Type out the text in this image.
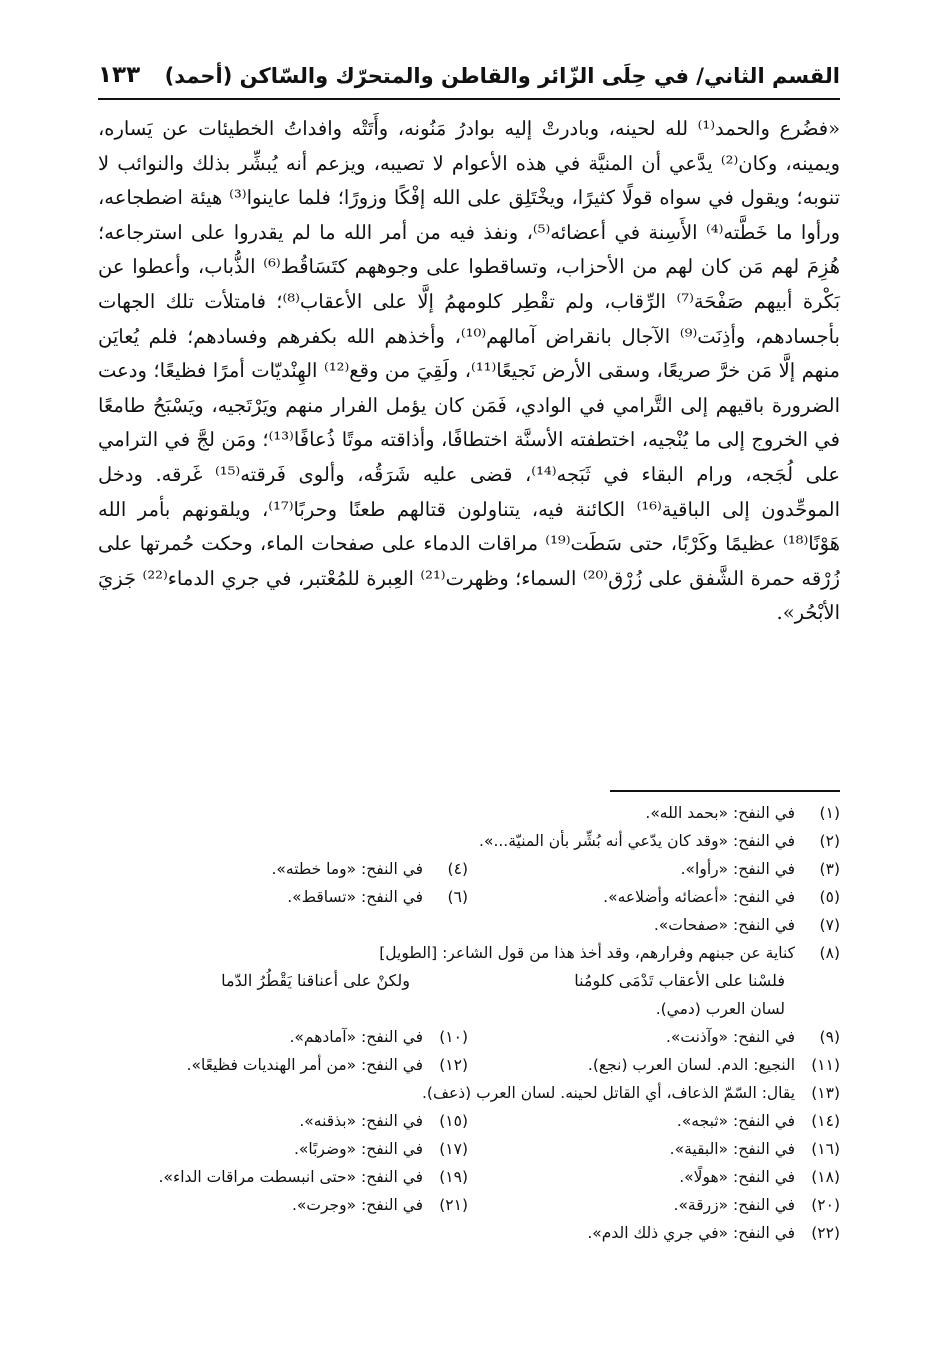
القسم الثاني/ في حِلَى الزّائر والقاطن والمتحرّك والسّاكن (أحمد)
١٣٣

«فضُرع والحمد⁽¹⁾ لله لحينه، وبادرتْ إليه بوادرُ مَنُونه، وأَتَتْه وافداتُ الخطيئات عن يَساره، ويمينه، وكان⁽²⁾ يدَّعي أن المنيَّة في هذه الأعوام لا تصيبه، ويزعم أنه يُبشِّر بذلك والنوائب لا تنوبه؛ ويقول في سواه قولًا كثيرًا، ويخْتَلِق على الله إفْكًا وزورًا؛ فلما عاينوا⁽³⁾ هيئة اضطجاعه، ورأوا ما خَطَّته⁽⁴⁾ الأَسِنة في أعضائه⁽⁵⁾، ونفذ فيه من أمر الله ما لم يقدروا على استرجاعه؛ هُزِمَ لهم مَن كان لهم من الأحزاب، وتساقطوا على وجوههم كتَسَاقُط⁽⁶⁾ الذُّباب، وأعطوا عن بَكْرة أبيهم صَفْحَة⁽⁷⁾ الرِّقاب، ولم تقْطِر كلومهمُ إلَّا على الأعقاب⁽⁸⁾؛ فامتلأت تلك الجهات بأجسادهم، وأذِنَت⁽⁹⁾ الآجال بانقراض آمالهم⁽¹⁰⁾، وأخذهم الله بكفرهم وفسادهم؛ فلم يُعايَن منهم إلَّا مَن خرَّ صريعًا، وسقى الأرض نَجيعًا⁽¹¹⁾، ولَقِيَ من وقع⁽¹²⁾ الهِنْديّات أمرًا فظيعًا؛ ودعت الضرورة باقيهم إلى التَّرامي في الوادي، فَمَن كان يؤمل الفرار منهم ويَرْتَجيه، ويَسْبَحُ طامعًا في الخروج إلى ما يُنْجيه، اختطفته الأسنَّة اختطافًا، وأذاقته موتًا ذُعافًا⁽¹³⁾؛ ومَن لجَّ في الترامي على لُجَجه، ورام البقاء في ثَبَجه⁽¹⁴⁾، قضى عليه شَرَقُه، وألوى فَرقته⁽¹⁵⁾ غَرقه. ودخل الموحِّدون إلى الباقية⁽¹⁶⁾ الكائنة فيه، يتناولون قتالهم طعنًا وحربًا⁽¹⁷⁾، ويلقونهم بأمر الله هَوْنًا⁽¹⁸⁾ عظيمًا وكَرْبًا، حتى سَطَت⁽¹⁹⁾ مراقات الدماء على صفحات الماء، وحكت حُمرتها على زُرْقه حمرة الشَّفق على زُرْق⁽²⁰⁾ السماء؛ وظهرت⁽²¹⁾ العِبرة للمُعْتبر، في جري الدماء⁽²²⁾ جَزيَ الأبْحُر».

(١) في النفح: «بحمد الله».
(٢) في النفح: «وقد كان يدّعي أنه بُشِّر بأن المنيّة...».
(٣) في النفح: «رأوا».
(٤) في النفح: «وما خطته».
(٥) في النفح: «أعضائه وأضلاعه».
(٦) في النفح: «تساقط».
(٧) في النفح: «صفحات».
(٨) كناية عن جبنهم وفرارهم، وقد أخذ هذا من قول الشاعر: [الطويل]
فلسْنا على الأعقاب تَدْمَى كلومُنا
ولكنْ على أعناقنا يَقْطُرُ الدّما
لسان العرب (دمي).
(٩) في النفح: «وآذنت».
(١٠) في النفح: «آمادهم».
(١١) النجيع: الدم. لسان العرب (نجع).
(١٢) في النفح: «من أمر الهنديات فظيعًا».
(١٣) يقال: السّمّ الذعاف، أي القاتل لحينه. لسان العرب (ذعف).
(١٤) في النفح: «ثبجه».
(١٥) في النفح: «بذقنه».
(١٦) في النفح: «البقية».
(١٧) في النفح: «وضربًا».
(١٨) في النفح: «هولًا».
(١٩) في النفح: «حتى انبسطت مراقات الداء».
(٢٠) في النفح: «زرقة».
(٢١) في النفح: «وجرت».
(٢٢) في النفح: «في جري ذلك الدم».
